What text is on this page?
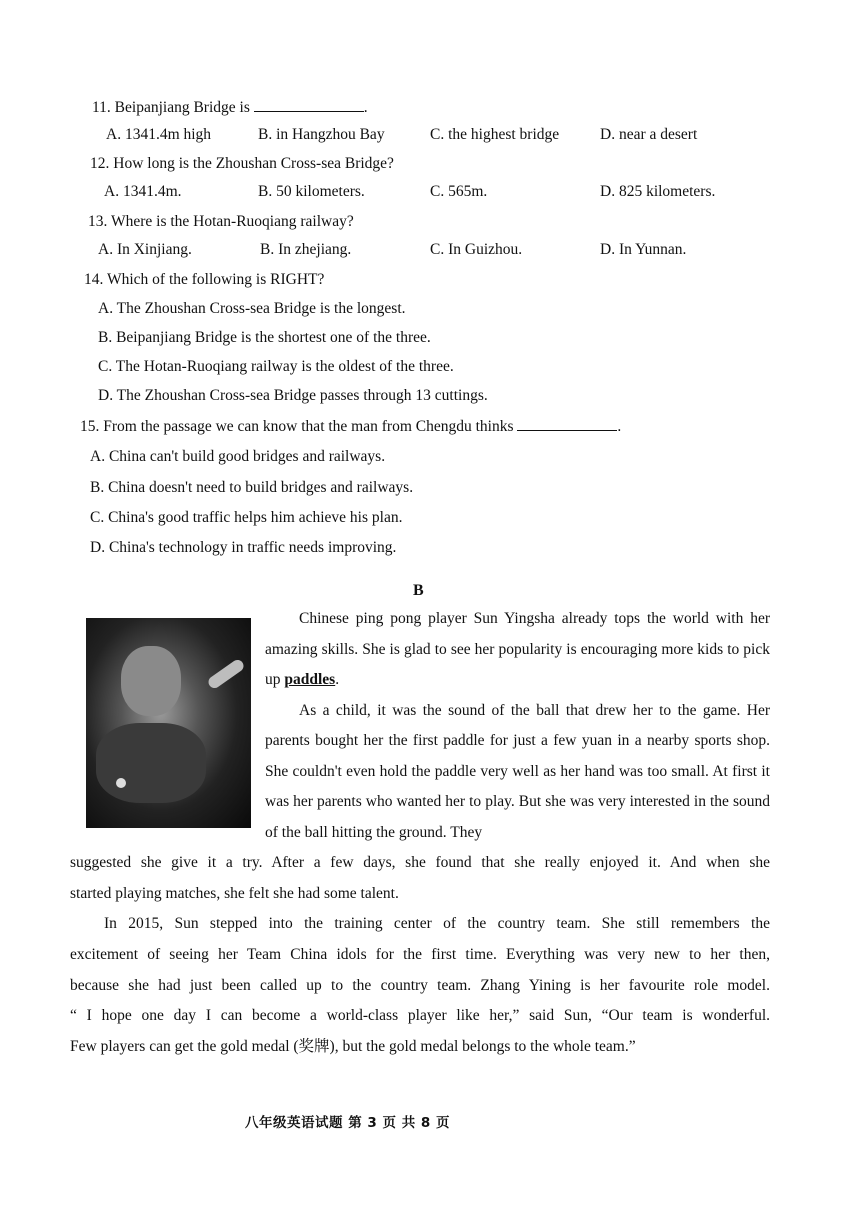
11. Beipanjiang Bridge is	.
A. 1341.4m high	B. in Hangzhou Bay	C. the highest bridge	D. near a desert
12. How long is the Zhoushan Cross-sea Bridge?
A. 1341.4m.	B. 50 kilometers.	C. 565m.	D. 825 kilometers.
13. Where is the Hotan-Ruoqiang railway?
A. In Xinjiang.	B. In zhejiang.	C. In Guizhou.	D. In Yunnan.
14. Which of the following is RIGHT?
A. The Zhoushan Cross-sea Bridge is the longest.
B. Beipanjiang Bridge is the shortest one of the three.
C. The Hotan-Ruoqiang railway is the oldest of the three.
D. The Zhoushan Cross-sea Bridge passes through 13 cuttings.
15. From the passage we can know that the man from Chengdu thinks	.
A. China can't build good bridges and railways.
B. China doesn't need to build bridges and railways.
C. China's good traffic helps him achieve his plan.
D. China's technology in traffic needs improving.
B

Chinese ping pong player Sun Yingsha already tops the world with her amazing skills. She is glad to see her popularity is encouraging more kids to pick up paddles.

As a child, it was the sound of the ball that drew her to the game. Her parents bought her the first paddle for just a few yuan in a nearby sports shop. She couldn't even hold the paddle very well as her hand was too small. At first it was her parents who wanted her to play. But she was very interested in the sound of the ball hitting the ground. They

suggested she give it a try. After a few days, she found that she really enjoyed it. And when she
started playing matches, she felt she had some talent.
In 2015, Sun stepped into the training center of the country team. She still remembers the
excitement of seeing her Team China idols for the first time. Everything was very new to her then,
because she had just been called up to the country team. Zhang Yining is her favourite role model.
“ I hope one day I can become a world-class player like her,” said Sun, “Our team is wonderful.
Few players can get the gold medal (奖牌), but the gold medal belongs to the whole team.”
八年级英语试题 第 3 页 共 8 页
